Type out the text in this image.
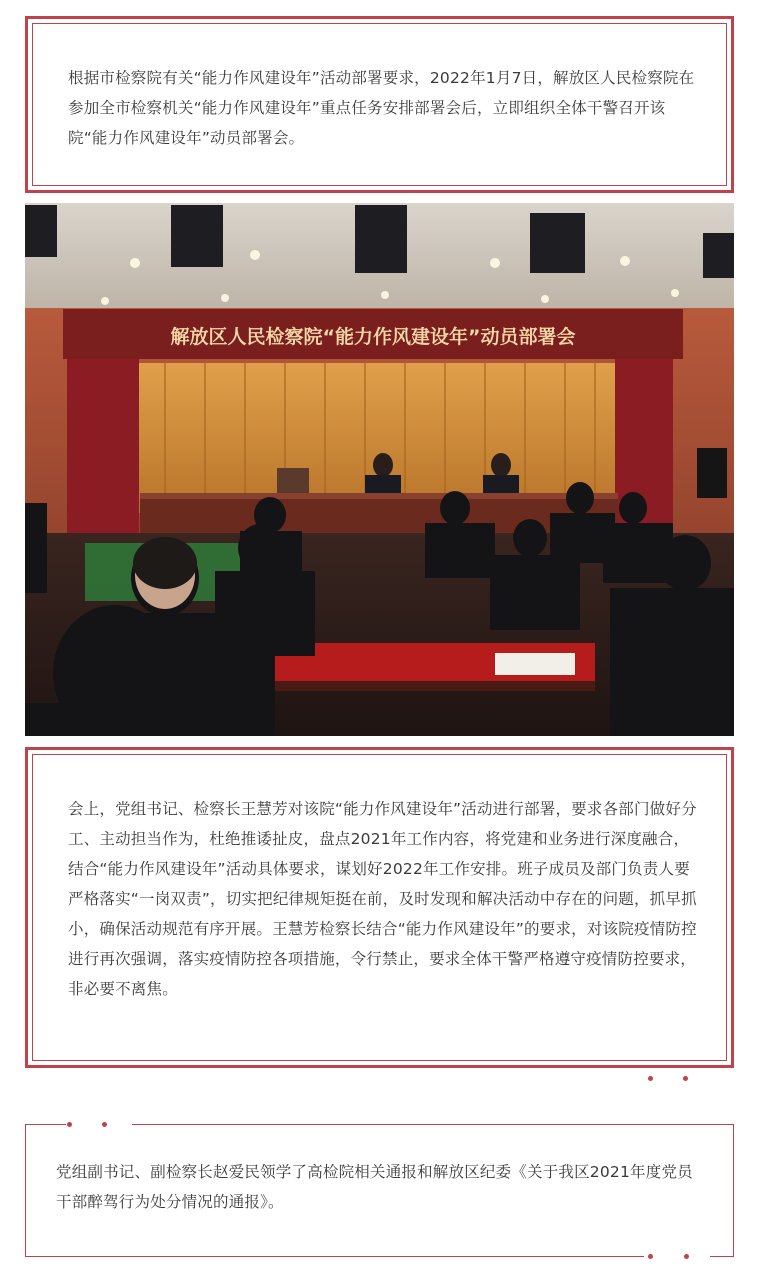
根据市检察院有关“能力作风建设年”活动部署要求，2022年1月7日，解放区人民检察院在参加全市检察机关“能力作风建设年”重点任务安排部署会后，立即组织全体干警召开该院“能力作风建设年”动员部署会。

解放区人民检察院“能力作风建设年”动员部署会

会上，党组书记、检察长王慧芳对该院“能力作风建设年”活动进行部署，要求各部门做好分工、主动担当作为，杜绝推诿扯皮，盘点2021年工作内容，将党建和业务进行深度融合，结合“能力作风建设年”活动具体要求，谋划好2022年工作安排。班子成员及部门负责人要严格落实“一岗双责”，切实把纪律规矩挺在前，及时发现和解决活动中存在的问题，抓早抓小，确保活动规范有序开展。王慧芳检察长结合“能力作风建设年”的要求，对该院疫情防控进行再次强调，落实疫情防控各项措施，令行禁止，要求全体干警严格遵守疫情防控要求，非必要不离焦。

党组副书记、副检察长赵爱民领学了高检院相关通报和解放区纪委《关于我区2021年度党员干部醉驾行为处分情况的通报》。
